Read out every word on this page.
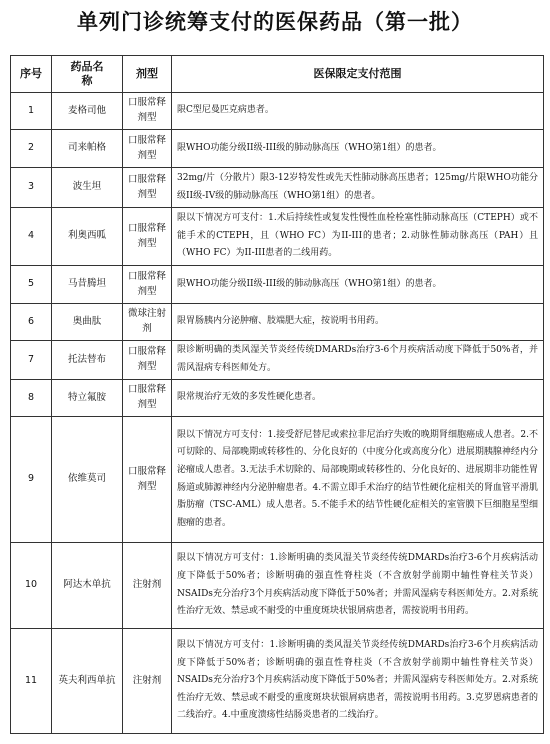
单列门诊统筹支付的医保药品（第一批）
序号	药品名称	剂型	医保限定支付范围
1	麦格司他	口服常释剂型	限C型尼曼匹克病患者。
2	司来帕格	口服常释剂型	限WHO功能分级II级-III级的肺动脉高压（WHO第1组）的患者。
3	波生坦	口服常释剂型	32mg/片（分散片）限3-12岁特发性或先天性肺动脉高压患者；125mg/片限WHO功能分级II级-IV级的肺动脉高压（WHO第1组）的患者。
4	利奥西呱	口服常释剂型	限以下情况方可支付：1.术后持续性或复发性慢性血栓栓塞性肺动脉高压（CTEPH）或不能手术的CTEPH，且（WHO FC）为II-III的患者；2.动脉性肺动脉高压（PAH）且（WHO FC）为II-III患者的二线用药。
5	马昔腾坦	口服常释剂型	限WHO功能分级II级-III级的肺动脉高压（WHO第1组）的患者。
6	奥曲肽	微球注射剂	限胃肠胰内分泌肿瘤、肢端肥大症，按说明书用药。
7	托法替布	口服常释剂型	限诊断明确的类风湿关节炎经传统DMARDs治疗3-6个月疾病活动度下降低于50%者，并需风湿病专科医师处方。
8	特立氟胺	口服常释剂型	限常规治疗无效的多发性硬化患者。
9	依维莫司	口服常释剂型	限以下情况方可支付：1.接受舒尼替尼或索拉非尼治疗失败的晚期肾细胞癌成人患者。2.不可切除的、局部晚期或转移性的、分化良好的（中度分化或高度分化）进展期胰腺神经内分泌瘤成人患者。3.无法手术切除的、局部晚期或转移性的、分化良好的、进展期非功能性胃肠道或肺源神经内分泌肿瘤患者。4.不需立即手术治疗的结节性硬化症相关的肾血管平滑肌脂肪瘤（TSC-AML）成人患者。5.不能手术的结节性硬化症相关的室管膜下巨细胞星型细胞瘤的患者。
10	阿达木单抗	注射剂	限以下情况方可支付：1.诊断明确的类风湿关节炎经传统DMARDs治疗3-6个月疾病活动度下降低于50%者；诊断明确的强直性脊柱炎（不含放射学前期中轴性脊柱关节炎）NSAIDs充分治疗3个月疾病活动度下降低于50%者；并需风湿病专科医师处方。2.对系统性治疗无效、禁忌或不耐受的中重度斑块状银屑病患者，需按说明书用药。
11	英夫利西单抗	注射剂	限以下情况方可支付：1.诊断明确的类风湿关节炎经传统DMARDs治疗3-6个月疾病活动度下降低于50%者；诊断明确的强直性脊柱炎（不含放射学前期中轴性脊柱关节炎）NSAIDs充分治疗3个月疾病活动度下降低于50%者；并需风湿病专科医师处方。2.对系统性治疗无效、禁忌或不耐受的重度斑块状银屑病患者，需按说明书用药。3.克罗恩病患者的二线治疗。4.中重度溃疡性结肠炎患者的二线治疗。
